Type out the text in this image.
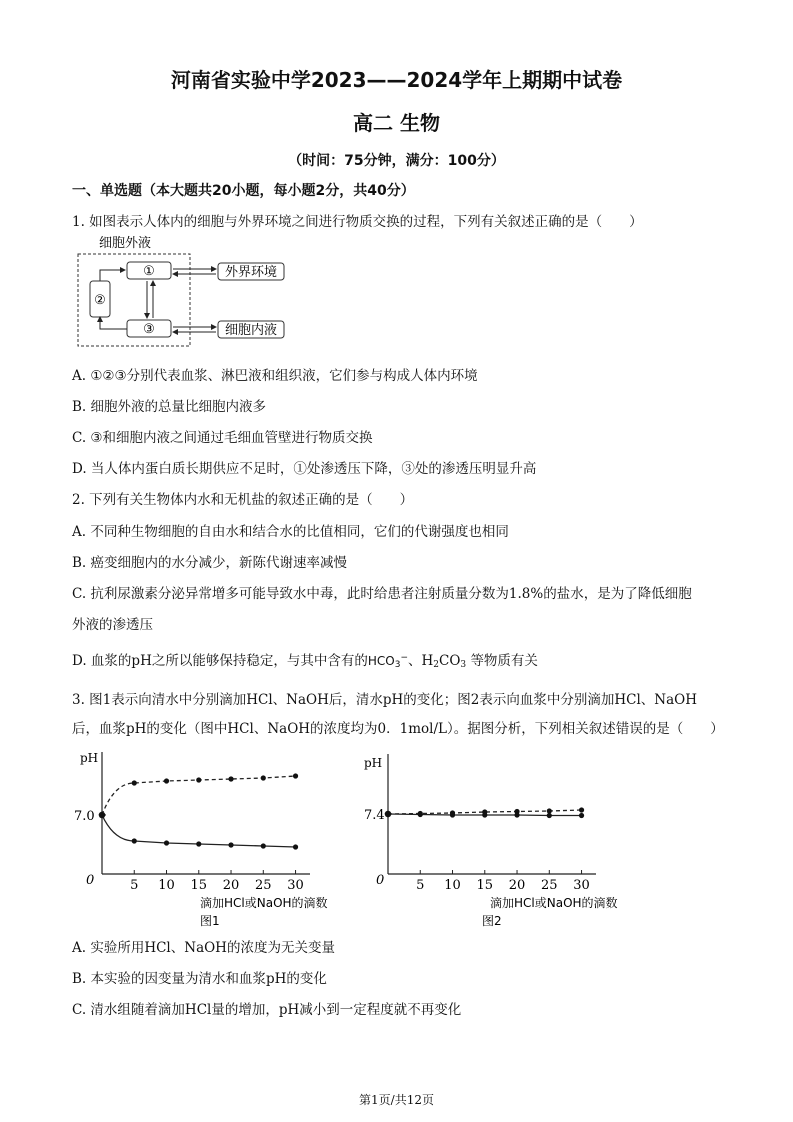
河南省实验中学2023——2024学年上期期中试卷
高二 生物
（时间：75分钟，满分：100分）
一、单选题（本大题共20小题，每小题2分，共40分）
1. 如图表示人体内的细胞与外界环境之间进行物质交换的过程，下列有关叙述正确的是（　　）
细胞外液
①
②
③
外界环境
细胞内液
A. ①②③分别代表血浆、淋巴液和组织液，它们参与构成人体内环境
B. 细胞外液的总量比细胞内液多
C. ③和细胞内液之间通过毛细血管壁进行物质交换
D. 当人体内蛋白质长期供应不足时，①处渗透压下降，③处的渗透压明显升高
2. 下列有关生物体内水和无机盐的叙述正确的是（　　）
A. 不同种生物细胞的自由水和结合水的比值相同，它们的代谢强度也相同
B. 癌变细胞内的水分减少，新陈代谢速率减慢
C. 抗利尿激素分泌异常增多可能导致水中毒，此时给患者注射质量分数为1.8%的盐水，是为了降低细胞
外液的渗透压
D. 血浆的pH之所以能够保持稳定，与其中含有的$HCO_3^-$、$H_2CO_3$ 等物质有关
3. 图1表示向清水中分别滴加HCl、NaOH后，清水pH的变化；图2表示向血浆中分别滴加HCl、NaOH
后，血浆pH的变化（图中HCl、NaOH的浓度均为0．1mol/L）。据图分析，下列相关叙述错误的是（　　）
pH
0
7.0
滴加HCl或NaOH的滴数
图1
5 10 15 20 25 30
pH
0
7.4
滴加HCl或NaOH的滴数
图2
5 10 15 20 25 30
A. 实验所用HCl、NaOH的浓度为无关变量
B. 本实验的因变量为清水和血浆pH的变化
C. 清水组随着滴加HCl量的增加，pH减小到一定程度就不再变化
第1页/共12页
